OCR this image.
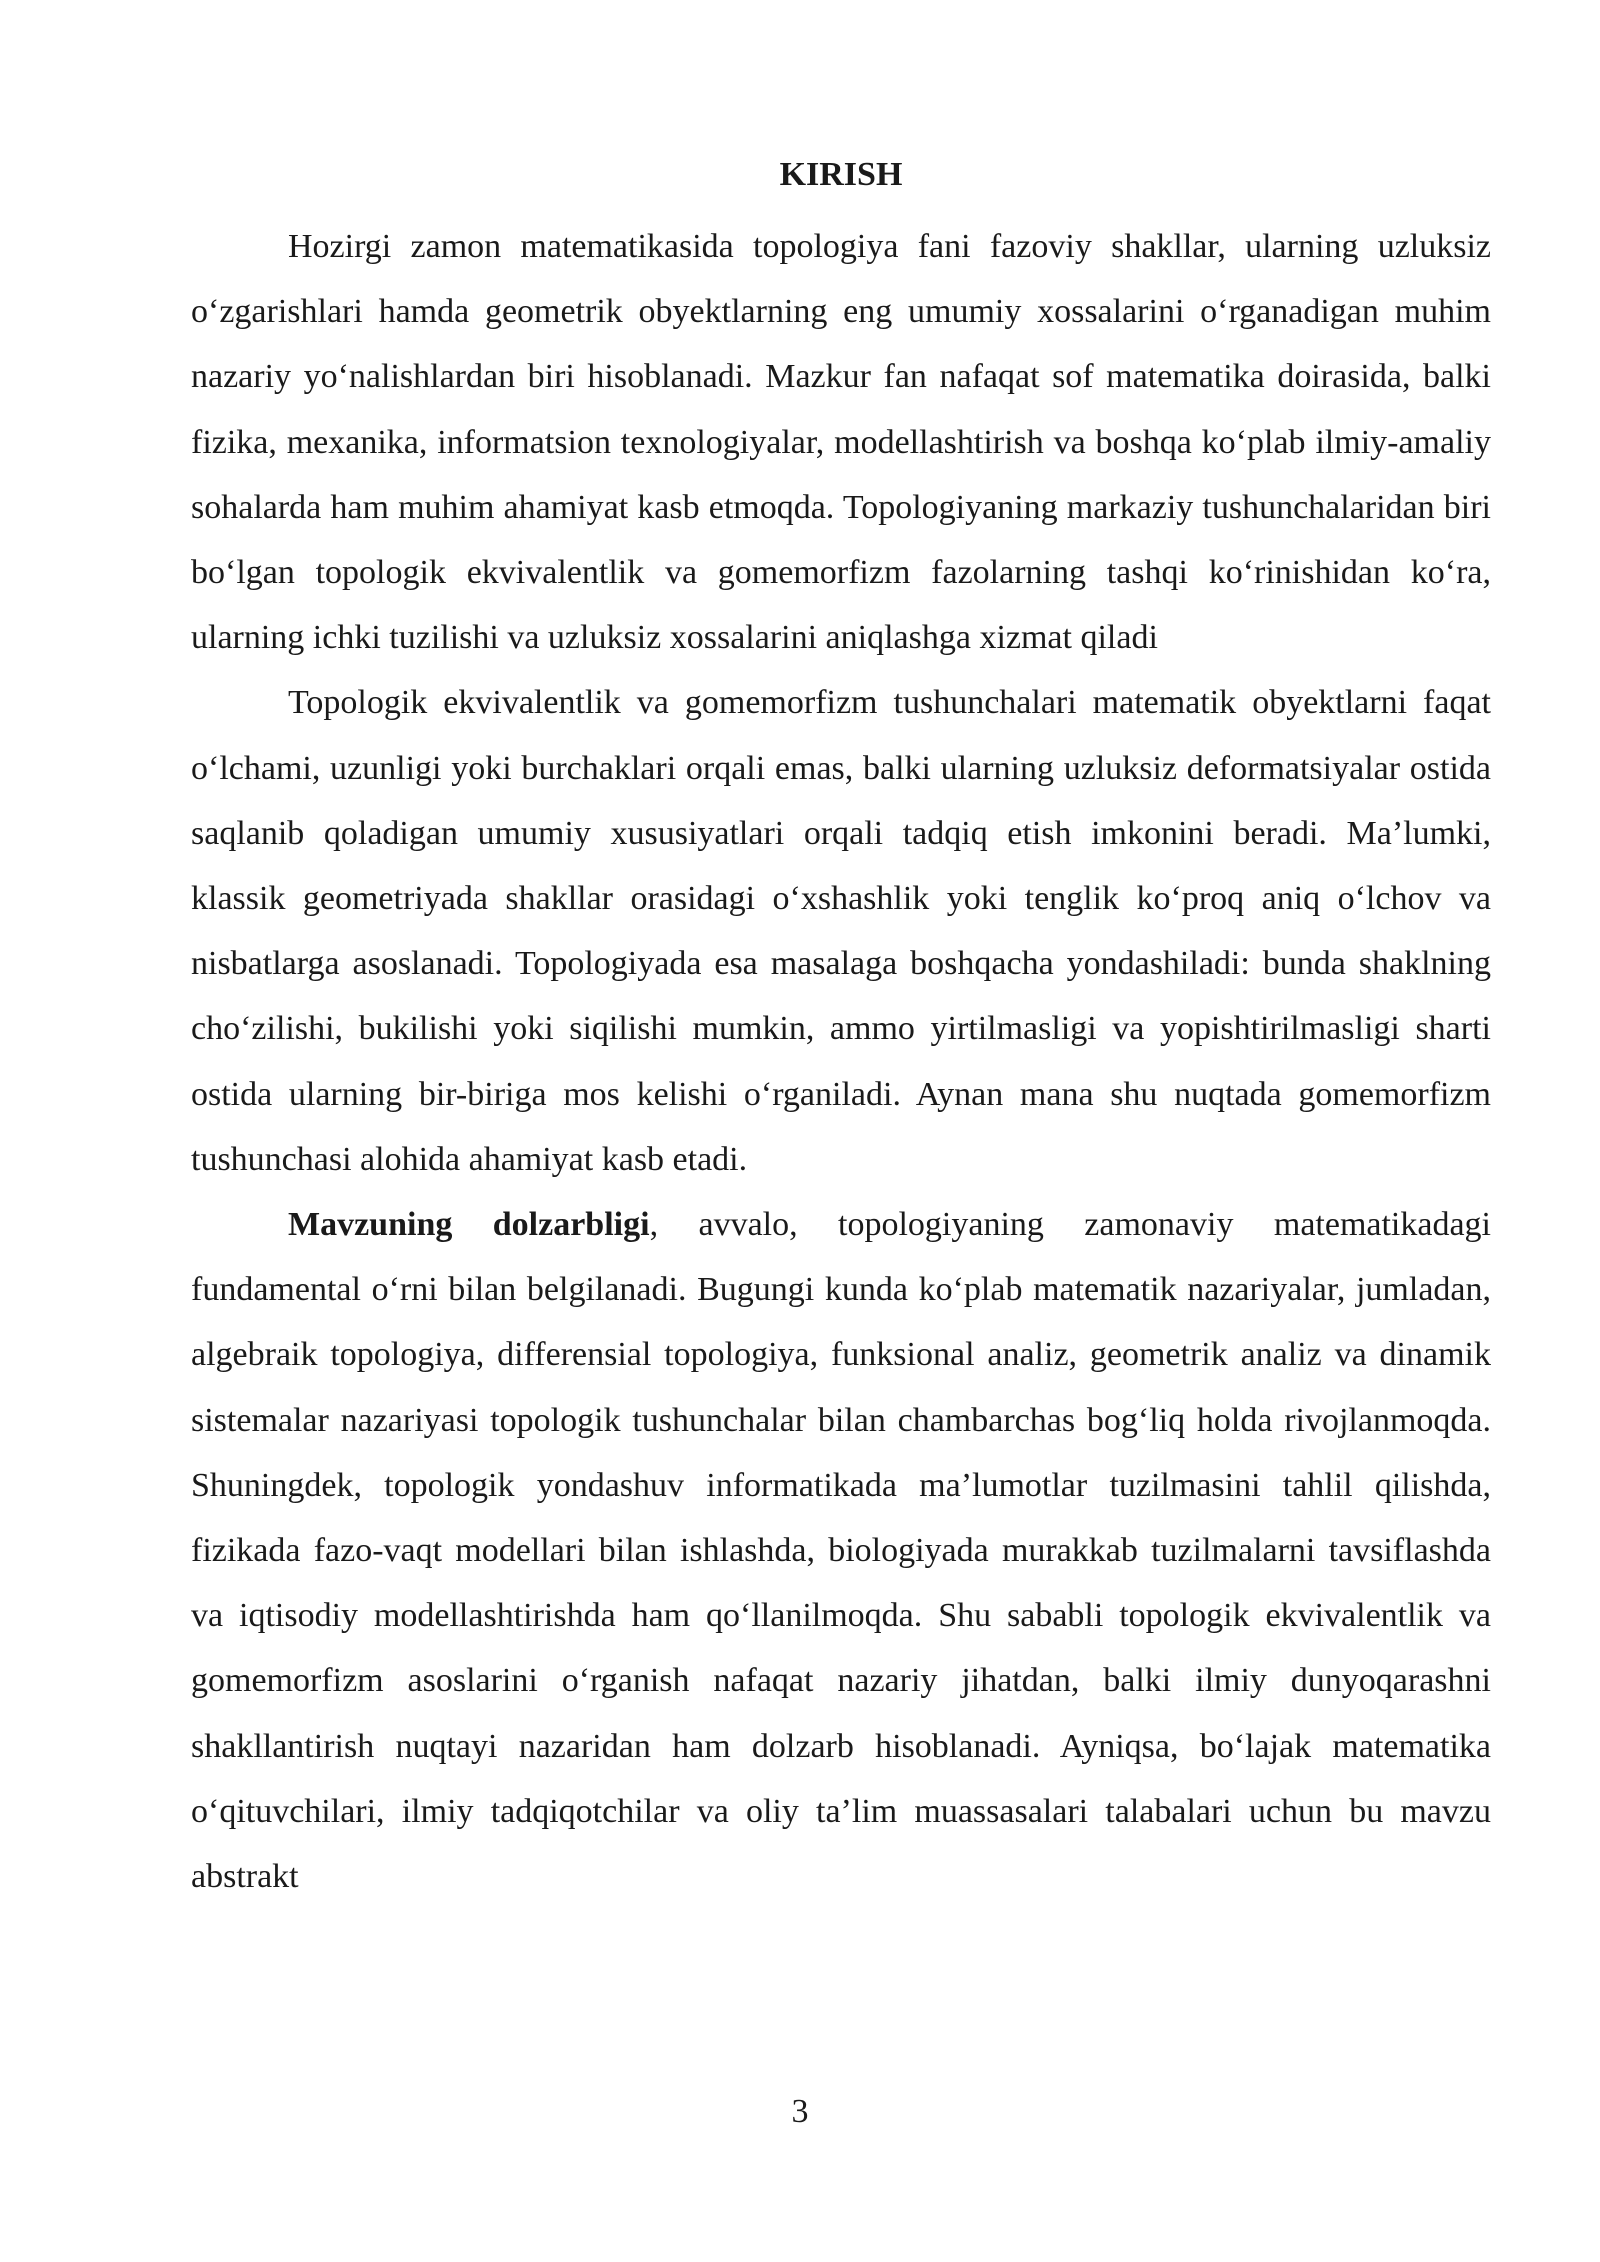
KIRISH

Hozirgi zamon matematikasida topologiya fani fazoviy shakllar, ularning uzluksiz o‘zgarishlari hamda geometrik obyektlarning eng umumiy xossalarini o‘rganadigan muhim nazariy yo‘nalishlardan biri hisoblanadi. Mazkur fan nafaqat sof matematika doirasida, balki fizika, mexanika, informatsion texnologiyalar, modellashtirish va boshqa ko‘plab ilmiy-amaliy sohalarda ham muhim ahamiyat kasb etmoqda. Topologiyaning markaziy tushunchalaridan biri bo‘lgan topologik ekvivalentlik va gomemorfizm fazolarning tashqi ko‘rinishidan ko‘ra, ularning ichki tuzilishi va uzluksiz xossalarini aniqlashga xizmat qiladi

Topologik ekvivalentlik va gomemorfizm tushunchalari matematik obyektlarni faqat o‘lchami, uzunligi yoki burchaklari orqali emas, balki ularning uzluksiz deformatsiyalar ostida saqlanib qoladigan umumiy xususiyatlari orqali tadqiq etish imkonini beradi. Ma’lumki, klassik geometriyada shakllar orasidagi o‘xshashlik yoki tenglik ko‘proq aniq o‘lchov va nisbatlarga asoslanadi. Topologiyada esa masalaga boshqacha yondashiladi: bunda shaklning cho‘zilishi, bukilishi yoki siqilishi mumkin, ammo yirtilmasligi va yopishtirilmasligi sharti ostida ularning bir-biriga mos kelishi o‘rganiladi. Aynan mana shu nuqtada gomemorfizm tushunchasi alohida ahamiyat kasb etadi.

Mavzuning dolzarbligi, avvalo, topologiyaning zamonaviy matematikadagi fundamental o‘rni bilan belgilanadi. Bugungi kunda ko‘plab matematik nazariyalar, jumladan, algebraik topologiya, differensial topologiya, funksional analiz, geometrik analiz va dinamik sistemalar nazariyasi topologik tushunchalar bilan chambarchas bog‘liq holda rivojlanmoqda. Shuningdek, topologik yondashuv informatikada ma’lumotlar tuzilmasini tahlil qilishda, fizikada fazo-vaqt modellari bilan ishlashda, biologiyada murakkab tuzilmalarni tavsiflashda va iqtisodiy modellashtirishda ham qo‘llanilmoqda. Shu sababli topologik ekvivalentlik va gomemorfizm asoslarini o‘rganish nafaqat nazariy jihatdan, balki ilmiy dunyoqarashni shakllantirish nuqtayi nazaridan ham dolzarb hisoblanadi. Ayniqsa, bo‘lajak matematika o‘qituvchilari, ilmiy tadqiqotchilar va oliy ta’lim muassasalari talabalari uchun bu mavzu abstrakt

3
